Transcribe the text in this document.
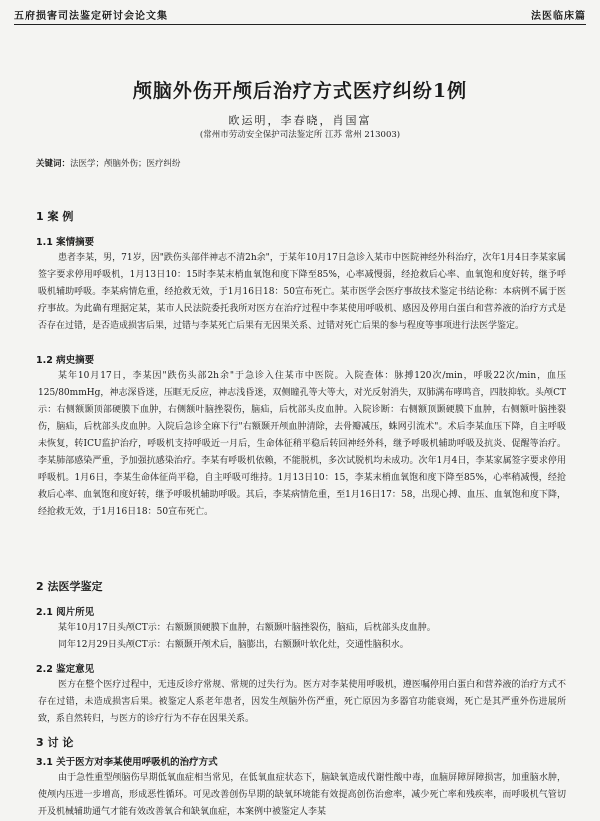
五府损害司法鉴定研讨会论文集	法医临床篇
颅脑外伤开颅后治疗方式医疗纠纷1例
欧运明，李春晓，肖国富
(常州市劳动安全保护司法鉴定所 江苏 常州 213003)
关键词：法医学；颅脑外伤；医疗纠纷
1 案 例
1.1 案情摘要

患者李某，男，71岁，因"跌伤头部伴神志不清2h余"，于某年10月17日急诊入某市中医院神经外科治疗，次年1月4日李某家属签字要求停用呼吸机，1月13日10：15时李某末梢血氧饱和度下降至85%，心率减慢弱，经抢救后心率、血氧饱和度好转，继予呼吸机辅助呼吸。李某病情危重，经抢救无效，于1月16日18：50宣布死亡。某市医学会医疗事故技术鉴定书结论称：本病例不属于医疗事故。为此确有理据定某，某市人民法院委托我所对医方在治疗过程中李某使用呼吸机、感因及停用白蛋白和营养液的治疗方式是否存在过错，是否造成损害后果，过错与李某死亡后果有无因果关系、过错对死亡后果的参与程度等事项进行法医学鉴定。

1.2 病史摘要

某年10月17日，李某因"跌伤头部2h余"于急诊入住某市中医院。入院查体：脉搏120次/min，呼吸22次/min，血压125/80mmHg，神志深昏迷，压眶无反应，神志浅昏迷，双侧瞳孔等大等大，对光反射消失，双肺满布哮鸣音，四肢抑软。头颅CT示：右侧额颞顶部硬膜下血肿，右侧额叶脑挫裂伤，脑疝，后枕部头皮血肿。入院诊断：右侧额顶颞硬膜下血肿，右侧额叶脑挫裂伤，脑疝，后枕部头皮血肿。入院后急诊全麻下行"右额颞开颅血肿清除，去骨瓣减压，蛛网引流术"。术后李某血压下降，自主呼吸未恢复，转ICU监护治疗，呼吸机支持呼吸近一月后，生命体征稍平稳后转回神经外科，继予呼吸机辅助呼吸及抗炎、促醒等治疗。李某肺部感染严重，予加强抗感染治疗。李某有呼吸机依赖，不能脱机，多次试脱机均未成功。次年1月4日，李某家属签字要求停用呼吸机。1月6日，李某生命体征尚平稳，自主呼吸可维持。1月13日10：15，李某末梢血氧饱和度下降至85%，心率稍减慢，经抢救后心率、血氧饱和度好转，继予呼吸机辅助呼吸。其后，李某病情危重，至1月16日17：58，出现心搏、血压、血氧饱和度下降，经抢救无效，于1月16日18：50宣布死亡。

2 法医学鉴定
2.1 阅片所见

某年10月17日头颅CT示：右额颞顶硬膜下血肿，右额颞叶脑挫裂伤，脑疝，后枕部头皮血肿。

同年12月29日头颅CT示：右额颞开颅术后，脑膨出，右额颞叶软化灶，交通性脑积水。

2.2 鉴定意见

医方在整个医疗过程中，无违反诊疗常规、常规的过失行为。医方对李某使用呼吸机，遵医嘱停用白蛋白和营养液的治疗方式不存在过错，未造成损害后果。被鉴定人系老年患者，因发生颅脑外伤严重，死亡原因为多器官功能衰竭，死亡是其严重外伤进展所致，系自然转归，与医方的诊疗行为不存在因果关系。

3 讨 论
3.1 关于医方对李某使用呼吸机的治疗方式

由于急性重型颅脑伤早期低氧血症相当常见，在低氧血症状态下，脑缺氧造成代谢性酸中毒，血脑屏障屏障损害，加重脑水肿，使颅内压进一步增高，形成恶性循环。可见改善创伤早期的缺氧环境能有效提高创伤治愈率，减少死亡率和残疾率，而呼吸机气管切开及机械辅助通气才能有效改善氧合和缺氧血症，本案例中被鉴定人李某
